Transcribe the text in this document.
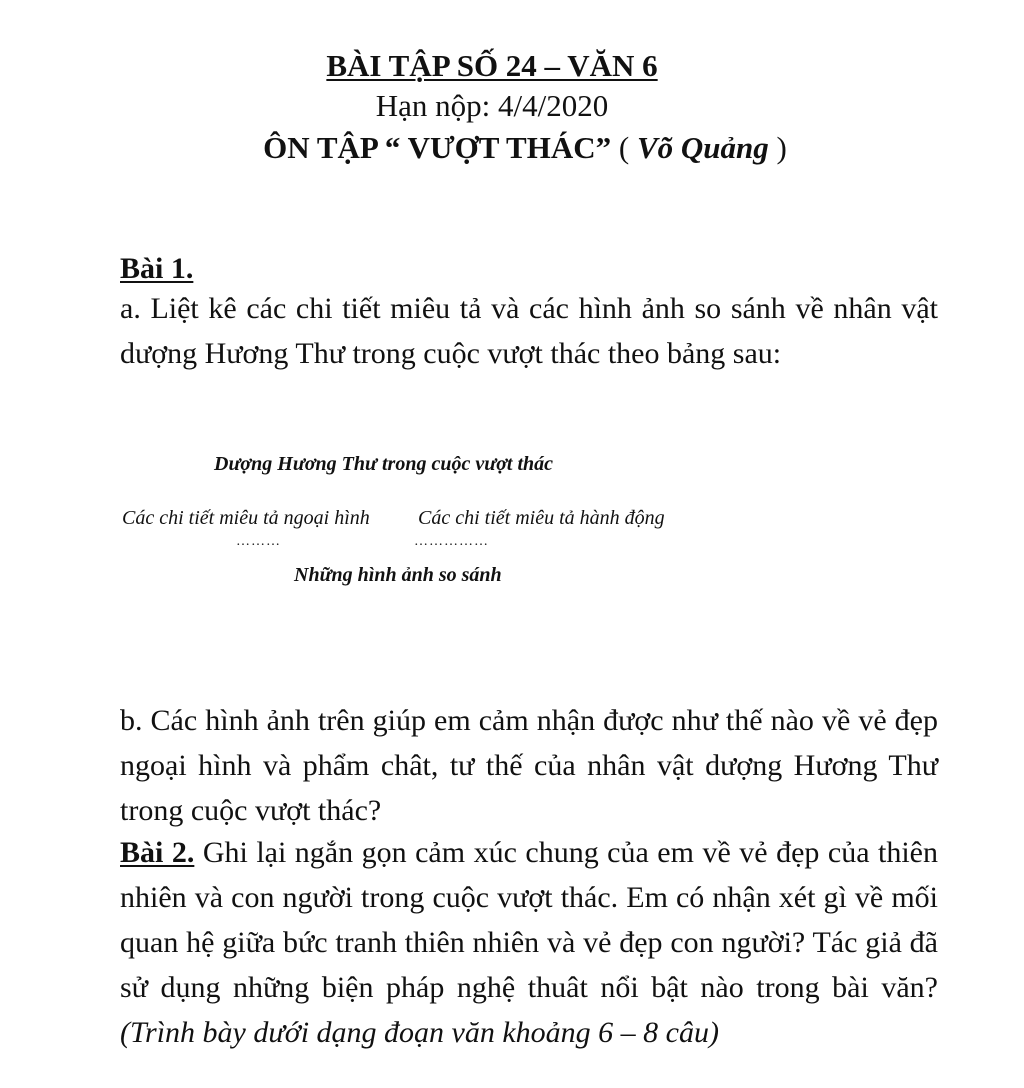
BÀI TẬP SỐ 24 – VĂN 6
Hạn nộp: 4/4/2020
ÔN TẬP “ VƯỢT THÁC” ( Võ Quảng )
Bài 1.
a. Liệt kê các chi tiết miêu tả và các hình ảnh so sánh về nhân vật dượng Hương Thư trong cuộc vượt thác theo bảng sau:
Dượng Hương Thư trong cuộc vượt thác
Các chi tiết miêu tả ngoại hình Các chi tiết miêu tả hành động
………	……………
Những hình ảnh so sánh
b. Các hình ảnh trên giúp em cảm nhận được như thế nào về vẻ đẹp ngoại hình và phẩm chât, tư thế của nhân vật dượng Hương Thư trong cuộc vượt thác?
Bài 2. Ghi lại ngắn gọn cảm xúc chung của em về vẻ đẹp của thiên nhiên và con người trong cuộc vượt thác. Em có nhận xét gì về mối quan hệ giữa bức tranh thiên nhiên và vẻ đẹp con người? Tác giả đã sử dụng những biện pháp nghệ thuât nổi bật nào trong bài văn? (Trình bày dưới dạng đoạn văn khoảng 6 – 8 câu)
